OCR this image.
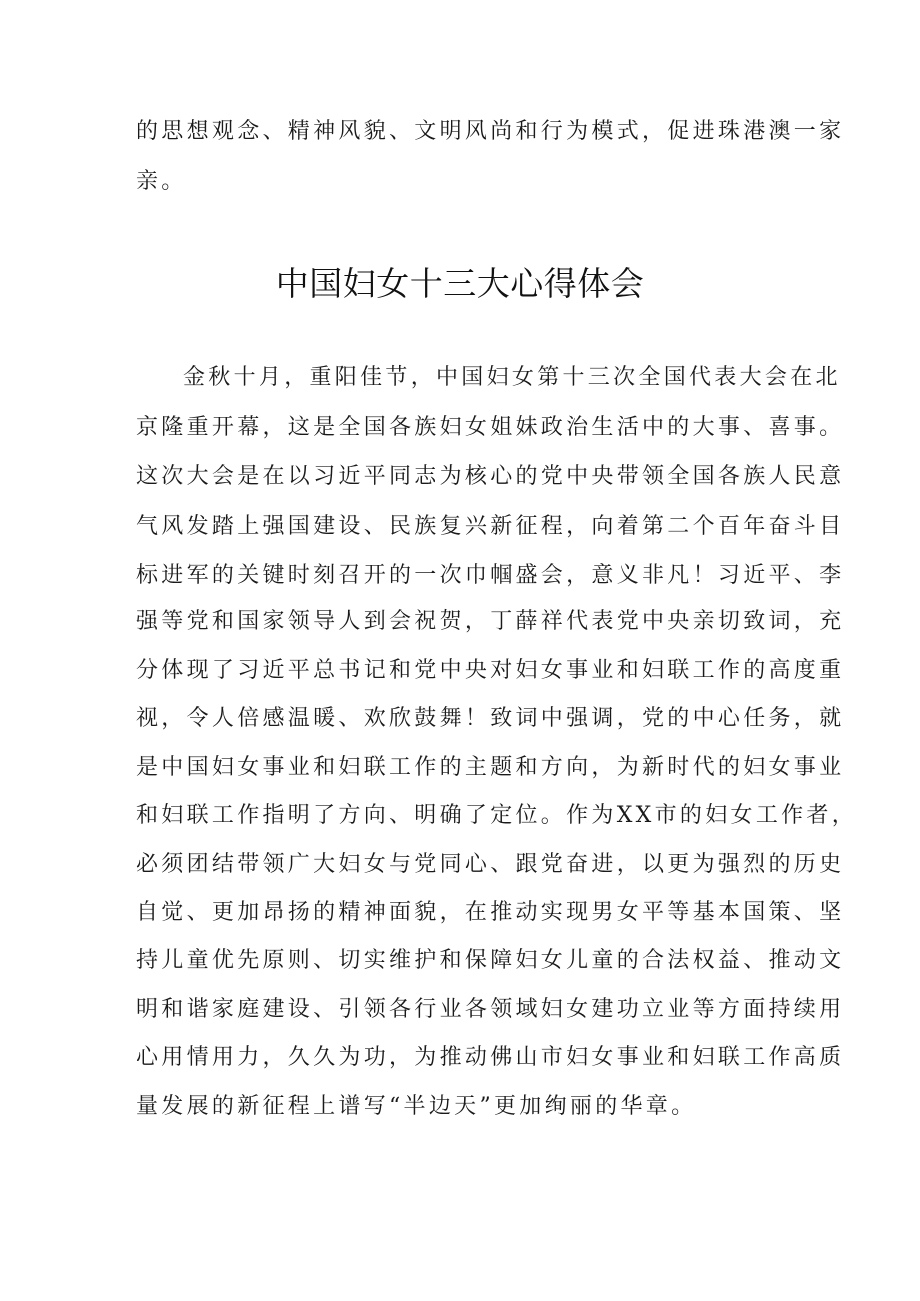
的思想观念、精神风貌、文明风尚和行为模式，促进珠港澳一家
亲。
中国妇女十三大心得体会
金秋十月，重阳佳节，中国妇女第十三次全国代表大会在北
京隆重开幕，这是全国各族妇女姐妹政治生活中的大事、喜事。
这次大会是在以习近平同志为核心的党中央带领全国各族人民意
气风发踏上强国建设、民族复兴新征程，向着第二个百年奋斗目
标进军的关键时刻召开的一次巾帼盛会，意义非凡！习近平、李
强等党和国家领导人到会祝贺，丁薛祥代表党中央亲切致词，充
分体现了习近平总书记和党中央对妇女事业和妇联工作的高度重
视，令人倍感温暖、欢欣鼓舞！致词中强调，党的中心任务，就
是中国妇女事业和妇联工作的主题和方向，为新时代的妇女事业
和妇联工作指明了方向、明确了定位。作为XX市的妇女工作者，
必须团结带领广大妇女与党同心、跟党奋进，以更为强烈的历史
自觉、更加昂扬的精神面貌，在推动实现男女平等基本国策、坚
持儿童优先原则、切实维护和保障妇女儿童的合法权益、推动文
明和谐家庭建设、引领各行业各领域妇女建功立业等方面持续用
心用情用力，久久为功，为推动佛山市妇女事业和妇联工作高质
量发展的新征程上谱写“半边天”更加绚丽的华章。
